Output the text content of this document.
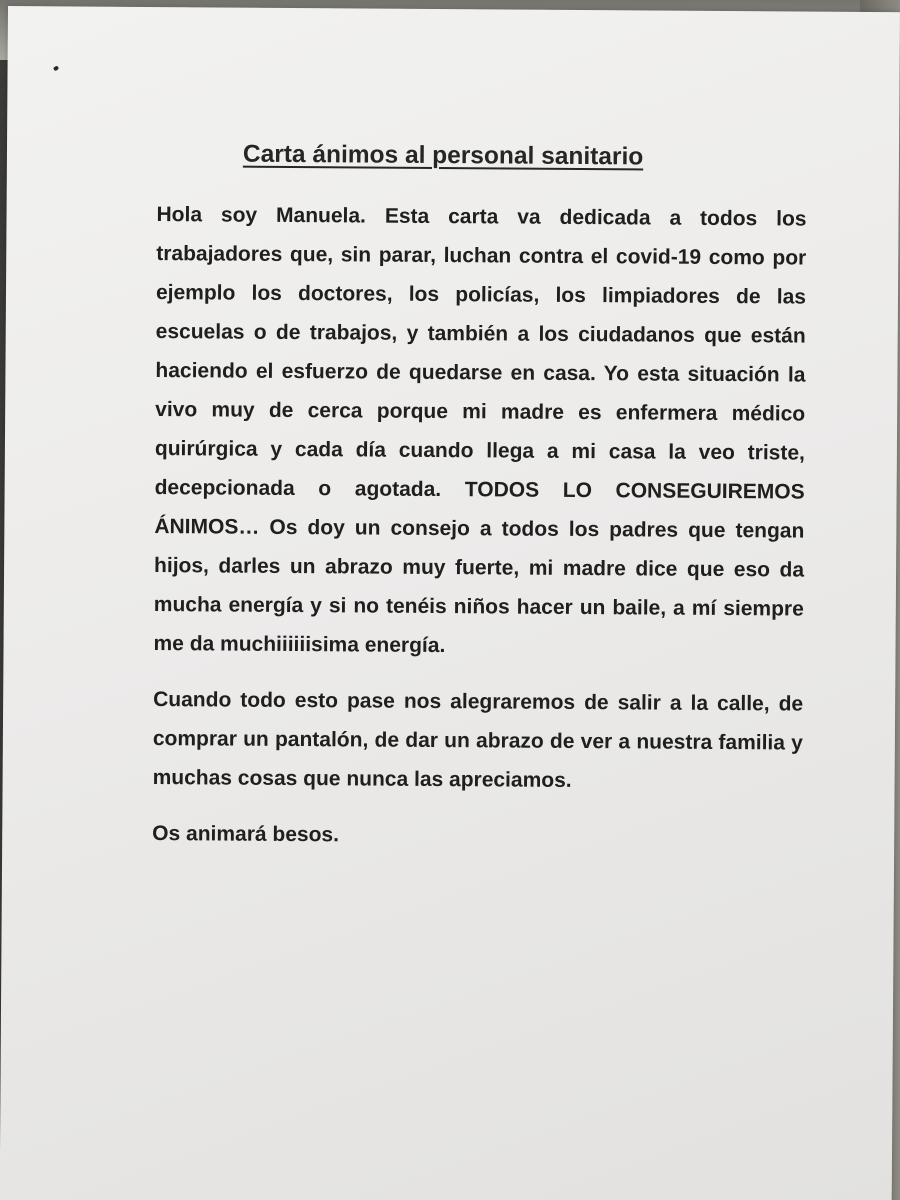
Carta ánimos al personal sanitario

Hola soy Manuela. Esta carta va dedicada a todos los trabajadores que, sin parar, luchan contra el covid-19 como por ejemplo los doctores, los policías, los limpiadores de las escuelas o de trabajos, y también a los ciudadanos que están haciendo el esfuerzo de quedarse en casa. Yo esta situación la vivo muy de cerca porque mi madre es enfermera médico quirúrgica y cada día cuando llega a mi casa la veo triste, decepcionada o agotada. TODOS LO CONSEGUIREMOS ÁNIMOS… Os doy un consejo a todos los padres que tengan hijos, darles un abrazo muy fuerte, mi madre dice que eso da mucha energía y si no tenéis niños hacer un baile, a mí siempre me da muchiiiiiisima energía.

Cuando todo esto pase nos alegraremos de salir a la calle, de comprar un pantalón, de dar un abrazo de ver a nuestra familia y muchas cosas que nunca las apreciamos.

Os animará besos.
